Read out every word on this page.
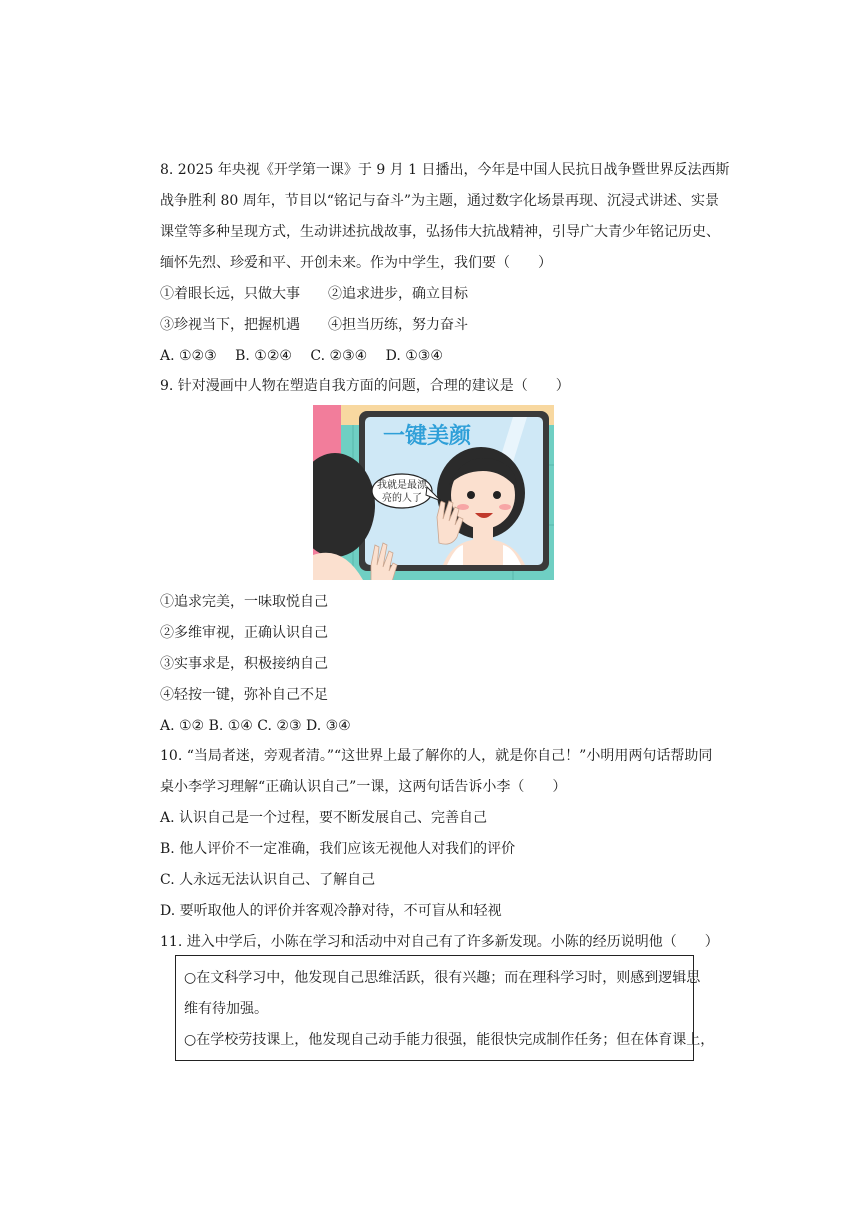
8. 2025 年央视《开学第一课》于 9 月 1 日播出，今年是中国人民抗日战争暨世界反法西斯
战争胜利 80 周年，节目以“铭记与奋斗”为主题，通过数字化场景再现、沉浸式讲述、实景
课堂等多种呈现方式，生动讲述抗战故事，弘扬伟大抗战精神，引导广大青少年铭记历史、
缅怀先烈、珍爱和平、开创未来。作为中学生，我们要（　　）
①着眼长远，只做大事　　②追求进步，确立目标
③珍视当下，把握机遇　　④担当历练，努力奋斗
A. ①②③　 B. ①②④　 C. ②③④　 D. ①③④
9. 针对漫画中人物在塑造自我方面的问题，合理的建议是（　　）
一键美颜
我就是最漂
亮的人了
①追求完美，一味取悦自己
②多维审视，正确认识自己
③实事求是，积极接纳自己
④轻按一键，弥补自己不足
A. ①② B. ①④ C. ②③ D. ③④
10. “当局者迷，旁观者清。”“这世界上最了解你的人，就是你自己！”小明用两句话帮助同
桌小李学习理解“正确认识自己”一课，这两句话告诉小李（　　）
A. 认识自己是一个过程，要不断发展自己、完善自己
B. 他人评价不一定准确，我们应该无视他人对我们的评价
C. 人永远无法认识自己、了解自己
D. 要听取他人的评价并客观冷静对待，不可盲从和轻视
11. 进入中学后，小陈在学习和活动中对自己有了许多新发现。小陈的经历说明他（　　）
○在文科学习中，他发现自己思维活跃，很有兴趣；而在理科学习时，则感到逻辑思
维有待加强。
○在学校劳技课上，他发现自己动手能力很强，能很快完成制作任务；但在体育课上，
